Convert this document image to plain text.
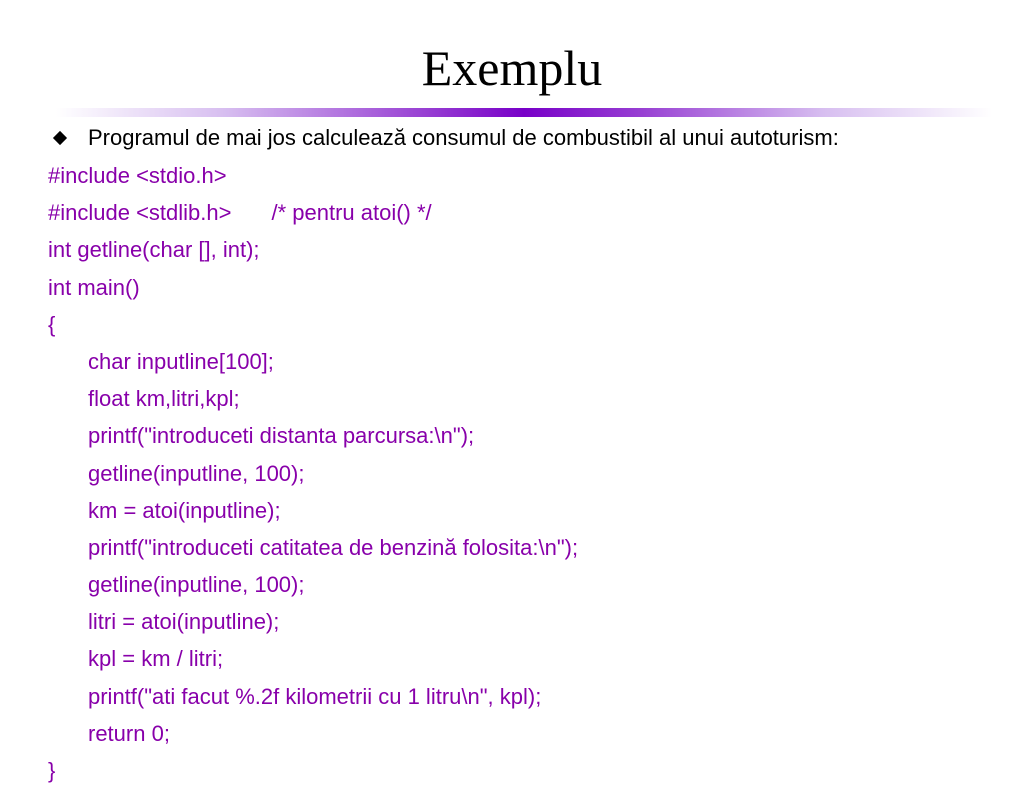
Exemplu
Programul de mai jos calculează consumul de combustibil al unui autoturism:
#include <stdio.h>
#include <stdlib.h> /* pentru atoi() */
int getline(char [], int);
int main()
{
char inputline[100];
float km,litri,kpl;
printf("introduceti distanta parcursa:\n");
getline(inputline, 100);
km = atoi(inputline);
printf("introduceti catitatea de benzină folosita:\n");
getline(inputline, 100);
litri = atoi(inputline);
kpl = km / litri;
printf("ati facut %.2f kilometrii cu 1 litru\n", kpl);
return 0;
}
